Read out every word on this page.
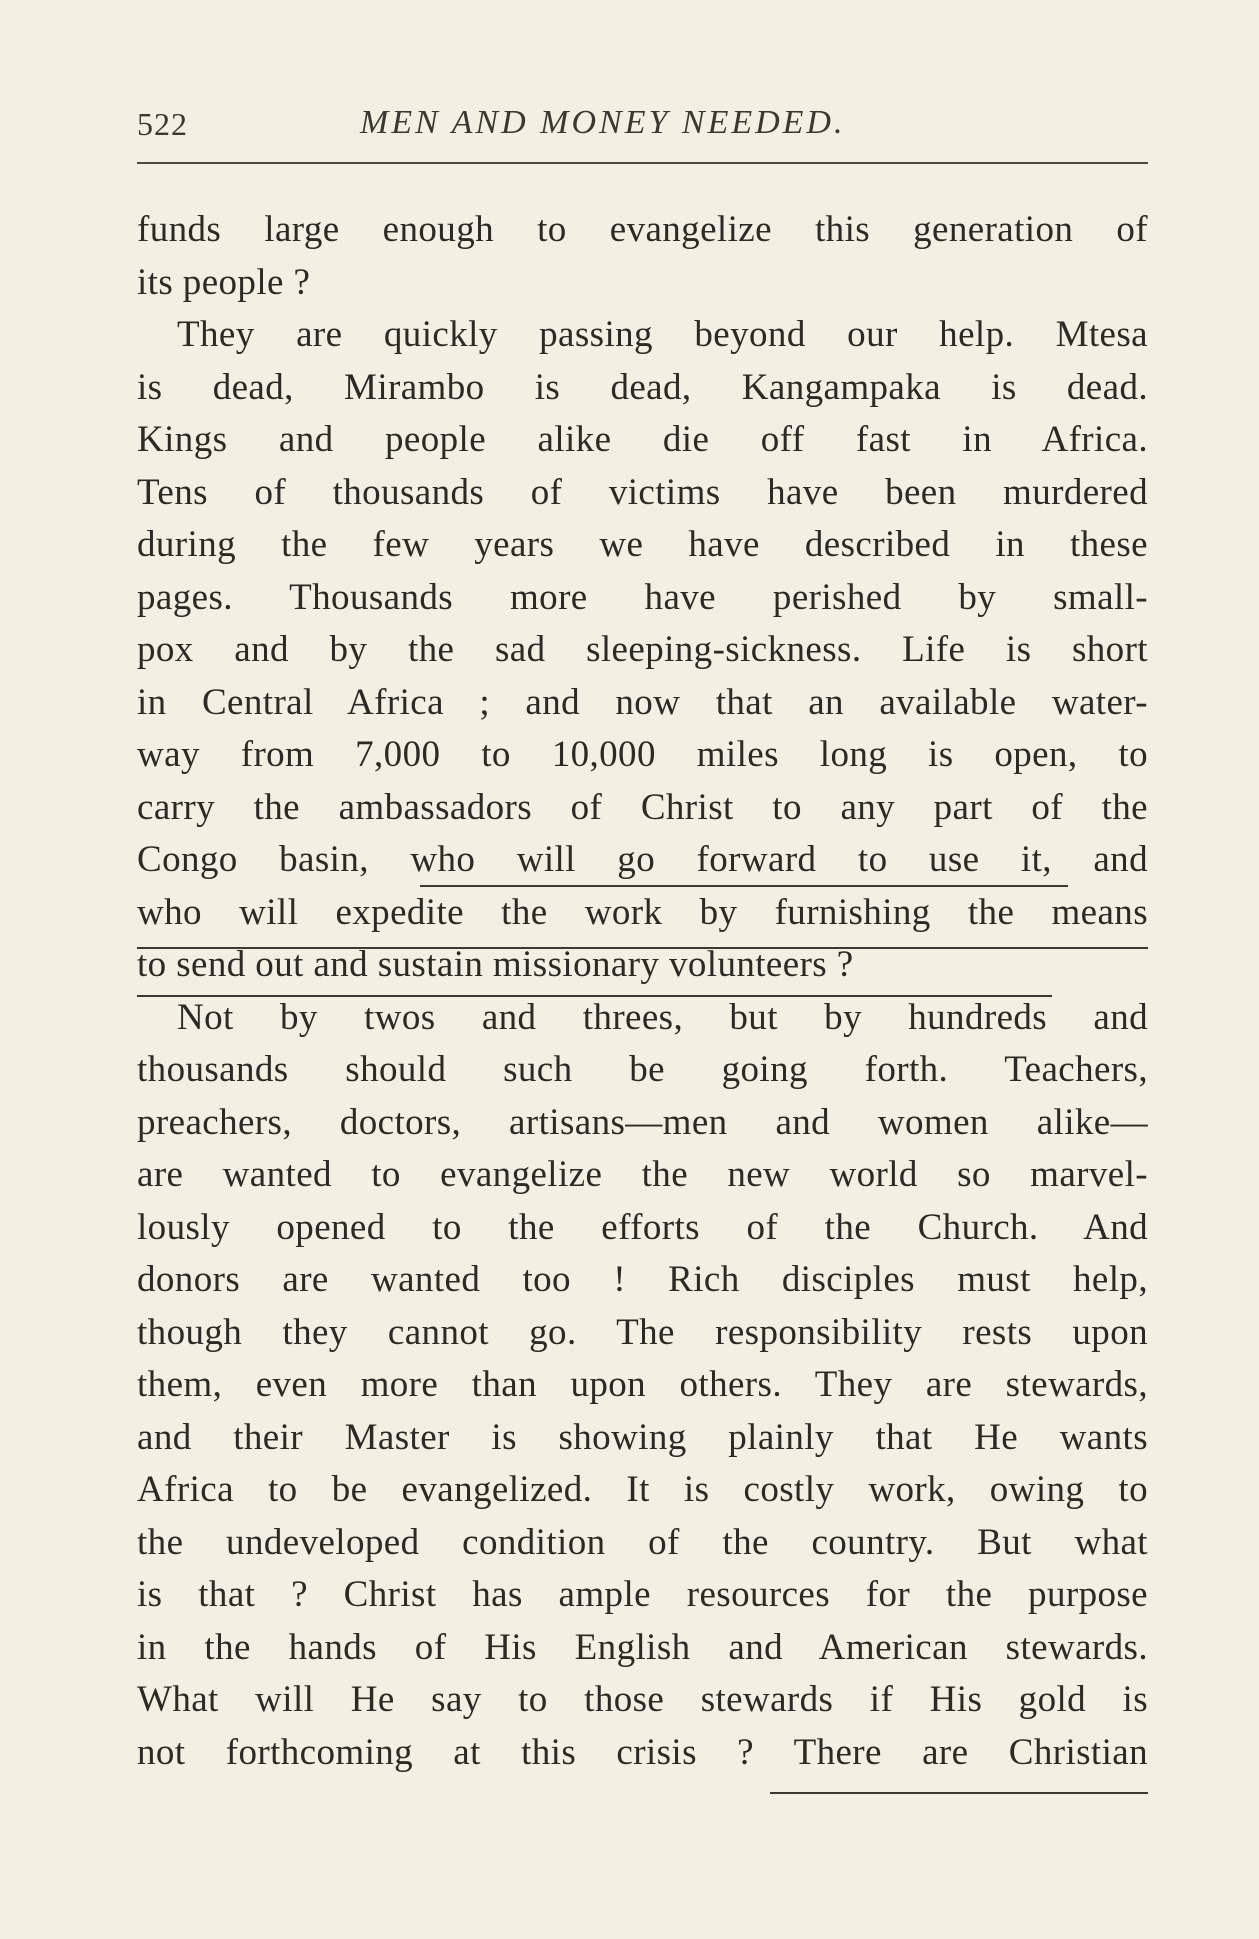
522	MEN AND MONEY NEEDED.
funds large enough to evangelize this generation of
its people ?
They are quickly passing beyond our help. Mtesa
is dead, Mirambo is dead, Kangampaka is dead.
Kings and people alike die off fast in Africa.
Tens of thousands of victims have been murdered
during the few years we have described in these
pages. Thousands more have perished by small-
pox and by the sad sleeping-sickness. Life is short
in Central Africa ; and now that an available water-
way from 7,000 to 10,000 miles long is open, to
carry the ambassadors of Christ to any part of the
Congo basin, who will go forward to use it, and
who will expedite the work by furnishing the means
to send out and sustain missionary volunteers ?
Not by twos and threes, but by hundreds and
thousands should such be going forth. Teachers,
preachers, doctors, artisans—men and women alike—
are wanted to evangelize the new world so marvel-
lously opened to the efforts of the Church. And
donors are wanted too ! Rich disciples must help,
though they cannot go. The responsibility rests upon
them, even more than upon others. They are stewards,
and their Master is showing plainly that He wants
Africa to be evangelized. It is costly work, owing to
the undeveloped condition of the country. But what
is that ? Christ has ample resources for the purpose
in the hands of His English and American stewards.
What will He say to those stewards if His gold is
not forthcoming at this crisis ? There are Christian
